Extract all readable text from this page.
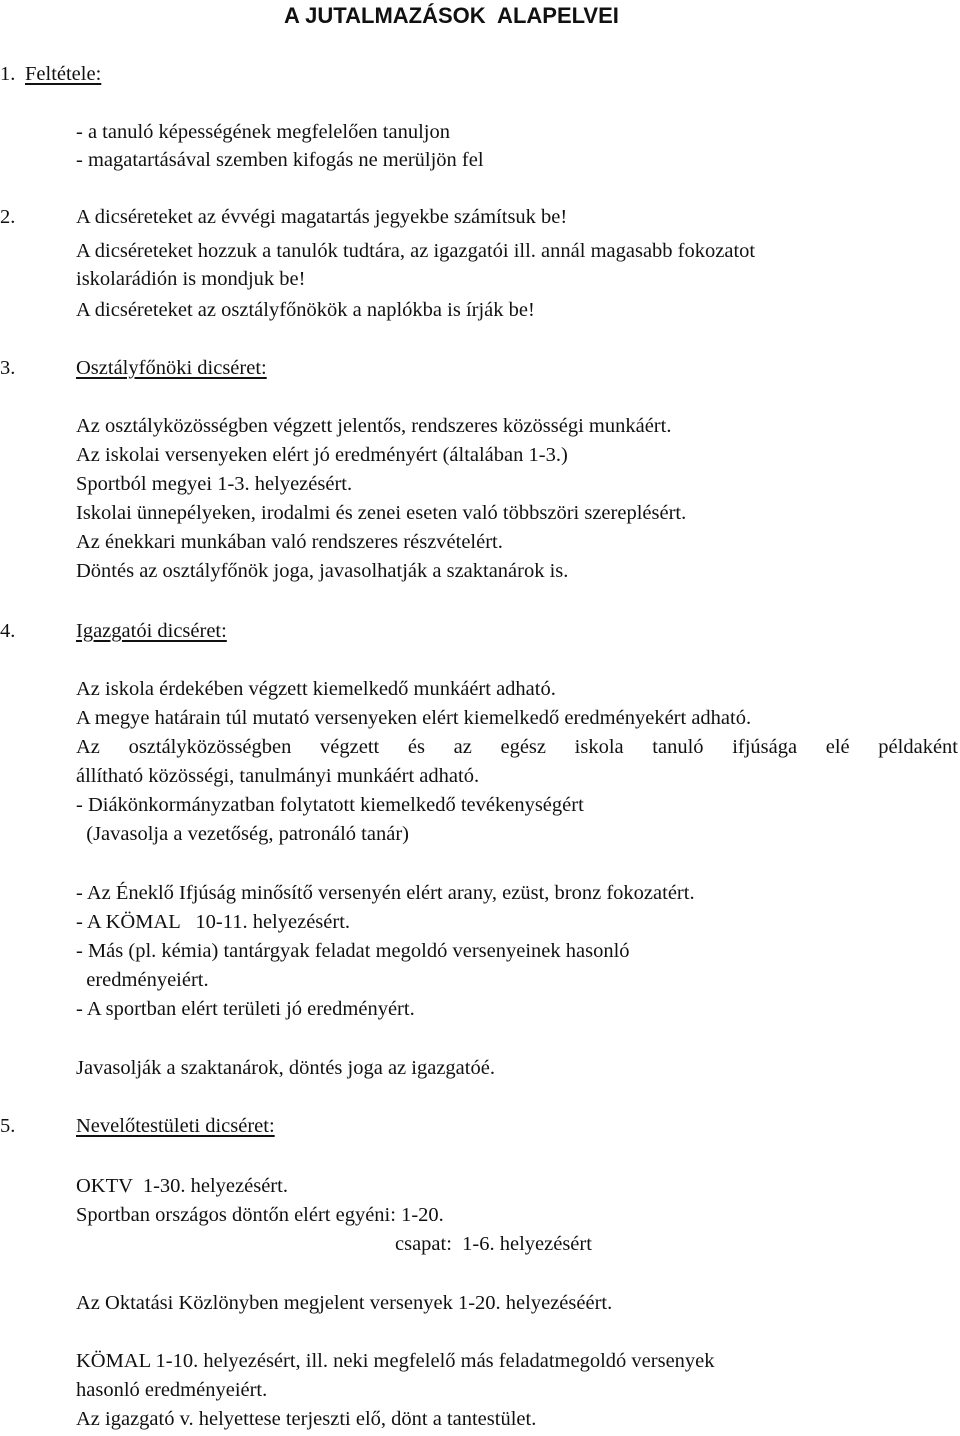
A JUTALMAZÁSOK  ALAPELVEI
1. Feltétele:

- a tanuló képességének megfelelően tanuljon

- magatartásával szemben kifogás ne merüljön fel

2.	A dicséreteket az évvégi magatartás jegyekbe számítsuk be!

A dicséreteket hozzuk a tanulók tudtára, az igazgatói ill. annál magasabb fokozatot

iskolarádión is mondjuk be!

A dicséreteket az osztályfőnökök a naplókba is írják be!

3.	Osztályfőnöki dicséret:

Az osztályközösségben végzett jelentős, rendszeres közösségi munkáért.

Az iskolai versenyeken elért jó eredményért (általában 1-3.)

Sportból megyei 1-3. helyezésért.

Iskolai ünnepélyeken, irodalmi és zenei eseten való többszöri szereplésért.

Az énekkari munkában való rendszeres részvételért.

Döntés az osztályfőnök joga, javasolhatják a szaktanárok is.

4.	Igazgatói dicséret:

Az iskola érdekében végzett kiemelkedő munkáért adható.

A megye határain túl mutató versenyeken elért kiemelkedő eredményekért adható.

Az osztályközösségben végzett és az egész iskola tanuló ifjúsága elé példaként

állítható közösségi, tanulmányi munkáért adható.

- Diákönkormányzatban folytatott kiemelkedő tevékenységért

(Javasolja a vezetőség, patronáló tanár)

- Az Éneklő Ifjúság minősítő versenyén elért arany, ezüst, bronz fokozatért.

- A KÖMAL   10-11. helyezésért.

- Más (pl. kémia) tantárgyak feladat megoldó versenyeinek hasonló

eredményeiért.

- A sportban elért területi jó eredményért.

Javasolják a szaktanárok, döntés joga az igazgatóé.

5.	Nevelőtestületi dicséret:

OKTV  1-30. helyezésért.

Sportban országos döntőn elért egyéni: 1-20.

csapat:  1-6. helyezésért

Az Oktatási Közlönyben megjelent versenyek 1-20. helyezéséért.

KÖMAL 1-10. helyezésért, ill. neki megfelelő más feladatmegoldó versenyek

hasonló eredményeiért.

Az igazgató v. helyettese terjeszti elő, dönt a tantestület.
